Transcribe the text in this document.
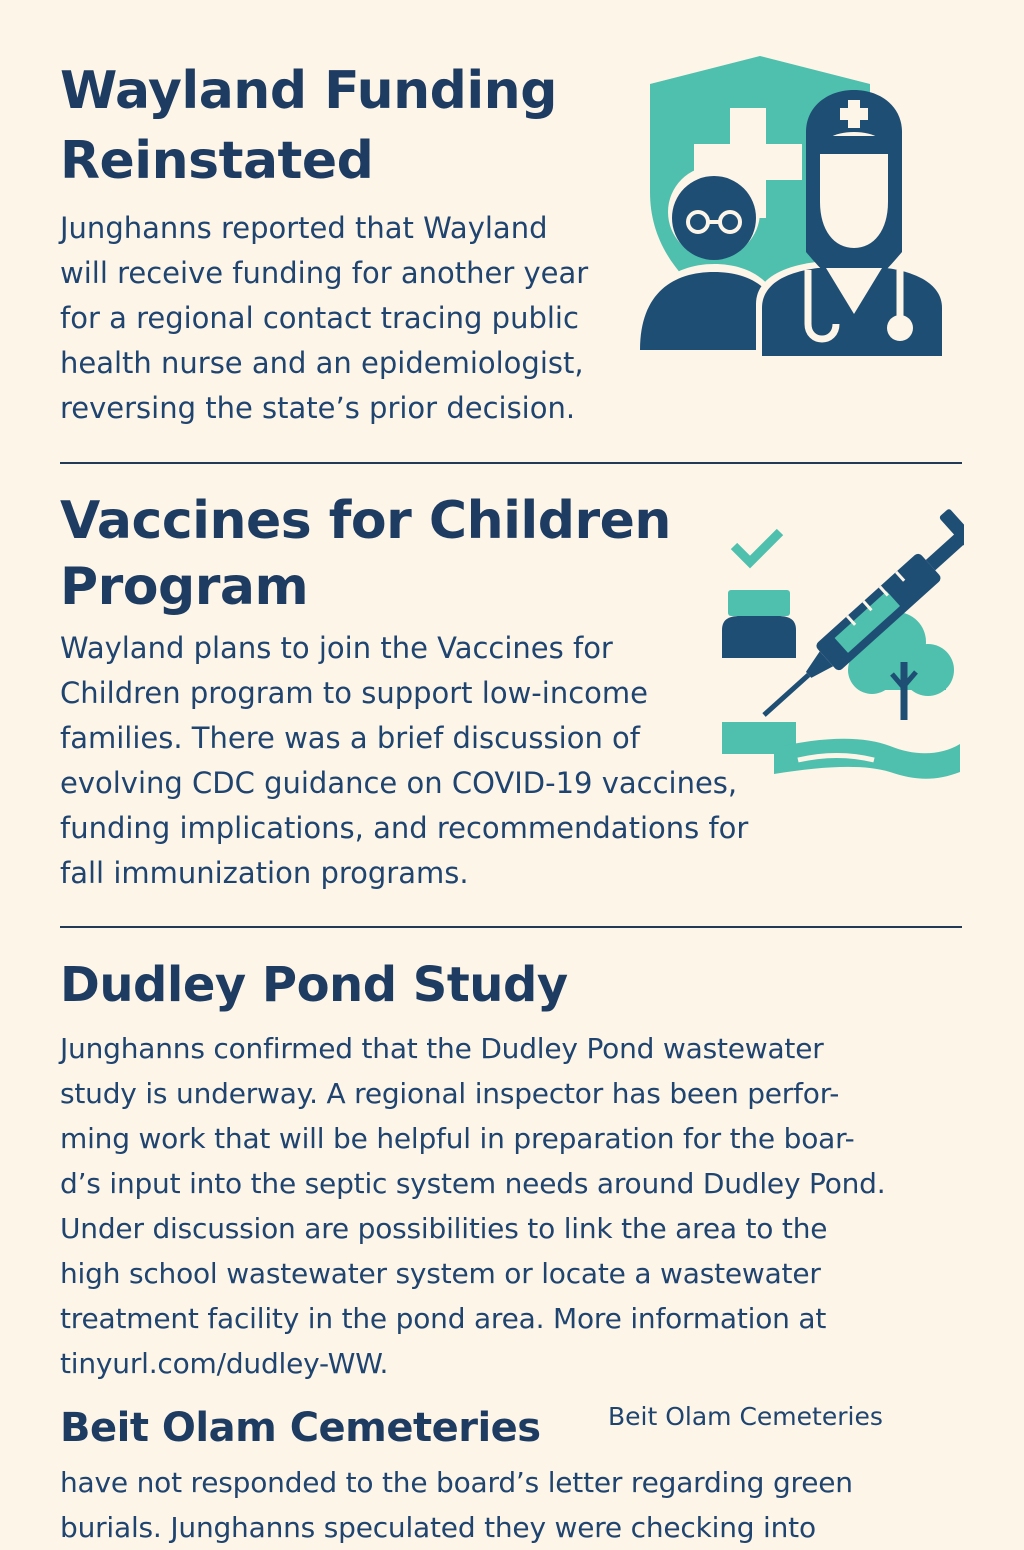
Wayland Funding
Reinstated

Junghanns reported that Wayland
will receive funding for another year
for a regional contact tracing public
health nurse and an epidemiologist,
reversing the state’s prior decision.

Vaccines for Children
Program

Wayland plans to join the Vaccines for
Children program to support low-income
families. There was a brief discussion of
evolving CDC guidance on COVID-19 vaccines,
funding implications, and recommendations for
fall immunization programs.

Dudley Pond Study

Junghanns confirmed that the Dudley Pond wastewater
study is underway. A regional inspector has been perfor-
ming work that will be helpful in preparation for the boar-
d’s input into the septic system needs around Dudley Pond.
Under discussion are possibilities to link the area to the
high school wastewater system or locate a wastewater
treatment facility in the pond area. More information at
tinyurl.com/dudley-WW.

Beit Olam Cemeteries	Beit Olam Cemeteries

have not responded to the board’s letter regarding green
burials. Junghanns speculated they were checking into
